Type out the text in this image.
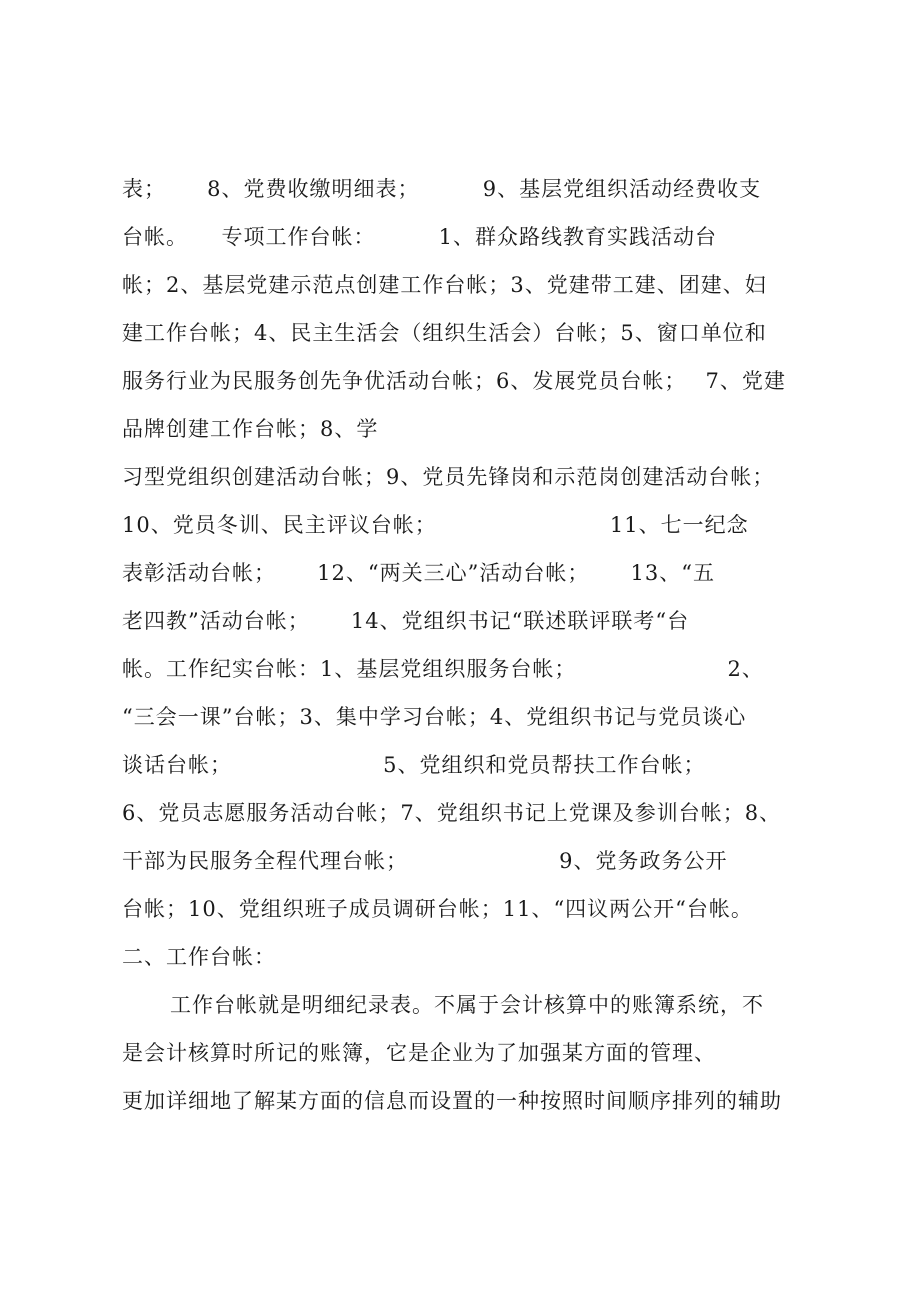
表；　　 8、党费收缴明细表；　　　 9、基层党组织活动经费收支
台帐。　　专项工作台帐：　　　 1、群众路线教育实践活动台
帐；2、基层党建示范点创建工作台帐；3、党建带工建、团建、妇
建工作台帐；4、民主生活会（组织生活会）台帐；5、窗口单位和
服务行业为民服务创先争优活动台帐；6、发展党员台帐；　 7、党建
品牌创建工作台帐；8、学
习型党组织创建活动台帐；9、党员先锋岗和示范岗创建活动台帐；
10、党员冬训、民主评议台帐；　　　　　　　　 11、七一纪念
表彰活动台帐；　　 12、“两关三心”活动台帐；　　 13、“五
老四教”活动台帐；　　 14、党组织书记“联述联评联考“台
帐。工作纪实台帐：1、基层党组织服务台帐；　　　　　　　 2、
“三会一课”台帐；3、集中学习台帐；4、党组织书记与党员谈心
谈话台帐；　　　　　　　 5、党组织和党员帮扶工作台帐；
6、党员志愿服务活动台帐；7、党组织书记上党课及参训台帐；8、
干部为民服务全程代理台帐；　　　　　　　 9、党务政务公开
台帐；10、党组织班子成员调研台帐；11、“四议两公开“台帐。
二、工作台帐：
工作台帐就是明细纪录表。不属于会计核算中的账簿系统，不
是会计核算时所记的账簿，它是企业为了加强某方面的管理、
更加详细地了解某方面的信息而设置的一种按照时间顺序排列的辅助
